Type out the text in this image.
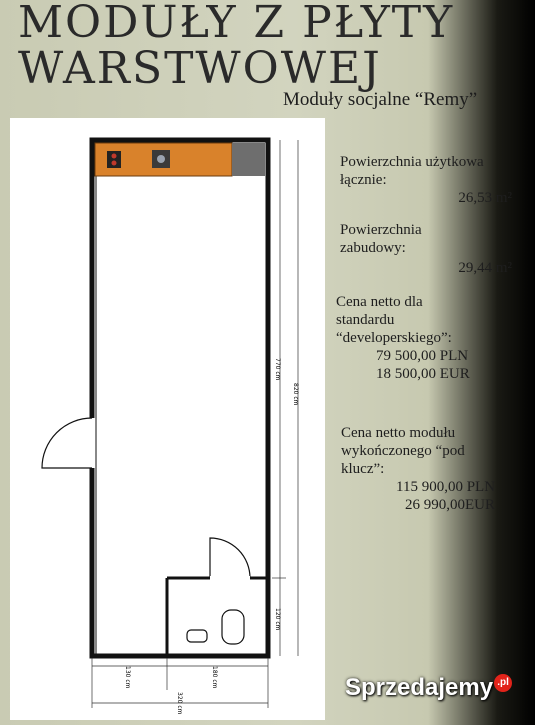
MODUŁY Z PŁYTY
WARSTWOWEJ
Moduły socjalne “Remy”
770 cm
820 cm
120 cm
130 cm	180 cm
320 cm
Powierzchnia użytkowa
łącznie:
26,53 m²
Powierzchnia
zabudowy:
29,44 m²
Cena netto dla
standardu
“developerskiego”:
79 500,00 PLN
18 500,00 EUR
Cena netto modułu
wykończonego “pod
klucz”:
115 900,00 PLN
26 990,00EUR
Sprzedajemy .pl
